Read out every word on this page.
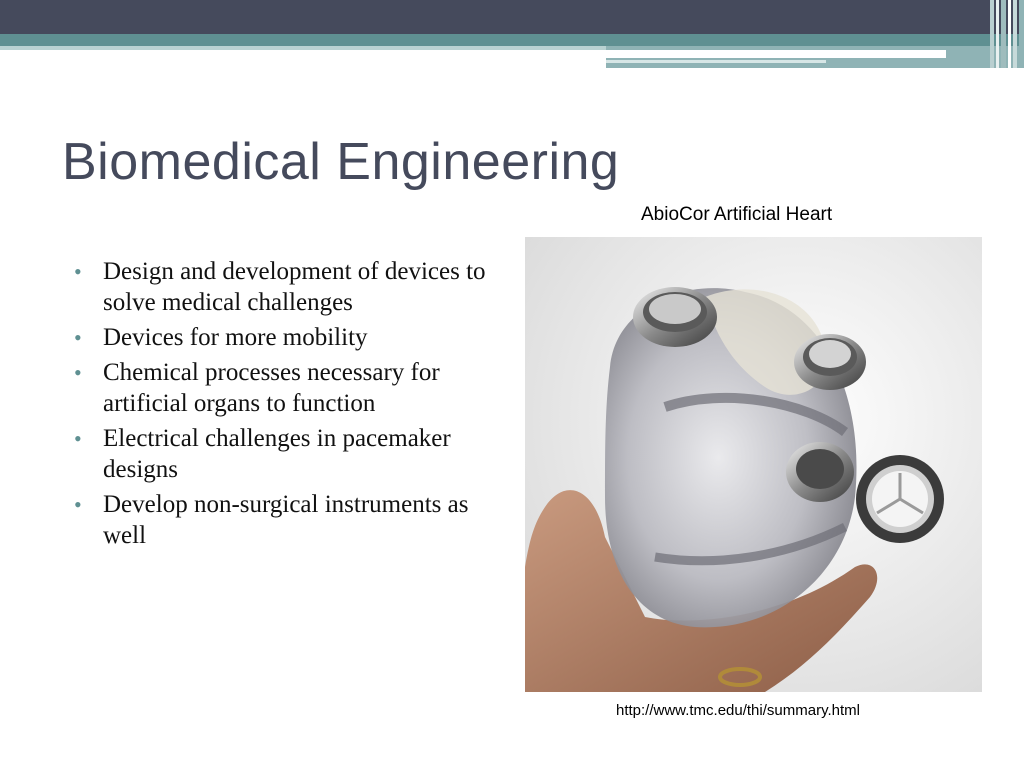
Biomedical Engineering
AbioCor Artificial Heart
• Design and development of devices to solve medical challenges
• Devices for more mobility
• Chemical processes necessary for artificial organs to function
• Electrical challenges in pacemaker designs
• Develop non-surgical instruments as well
http://www.tmc.edu/thi/summary.html
